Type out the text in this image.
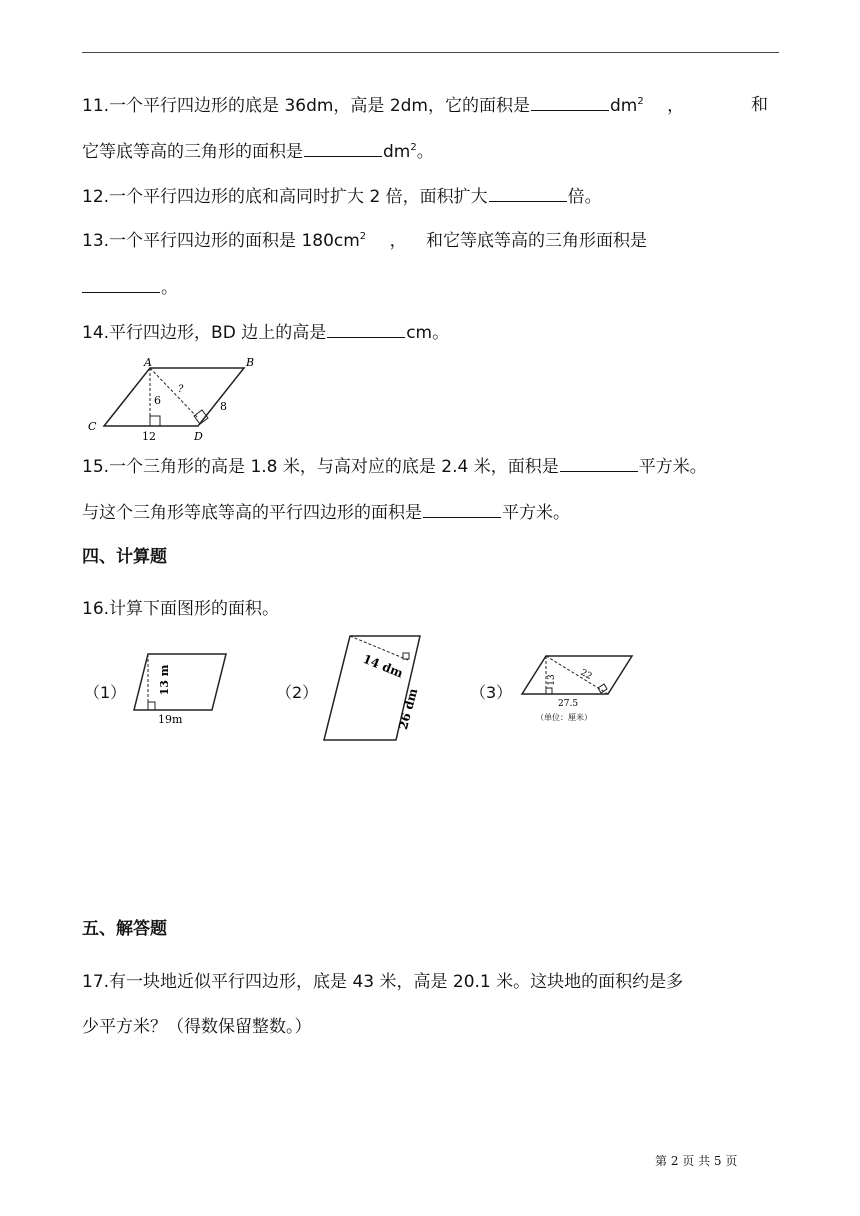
11.一个平行四边形的底是 36dm，高是 2dm，它的面积是	$dm^2$ ，	和
它等底等高的三角形的面积是	$dm^2$。
12.一个平行四边形的底和高同时扩大 2 倍，面积扩大	倍。
13.一个平行四边形的面积是 $180cm^2$ ， 和它等底等高的三角形面积是
。
14.平行四边形，BD 边上的高是	cm。
A	B
C
D
6
12
8
?
15.一个三角形的高是 1.8 米，与高对应的底是 2.4 米，面积是	平方米。
与这个三角形等底等高的平行四边形的面积是	平方米。
四、计算题
16.计算下面图形的面积。
（1）	（2）	（3）
13 m
19m
14 dm
26 dm
13 22
27.5
（单位：厘米）
五、解答题
17.有一块地近似平行四边形，底是 43 米，高是 20.1 米。这块地的面积约是多
少平方米？（得数保留整数。）
第 2 页 共 5 页
